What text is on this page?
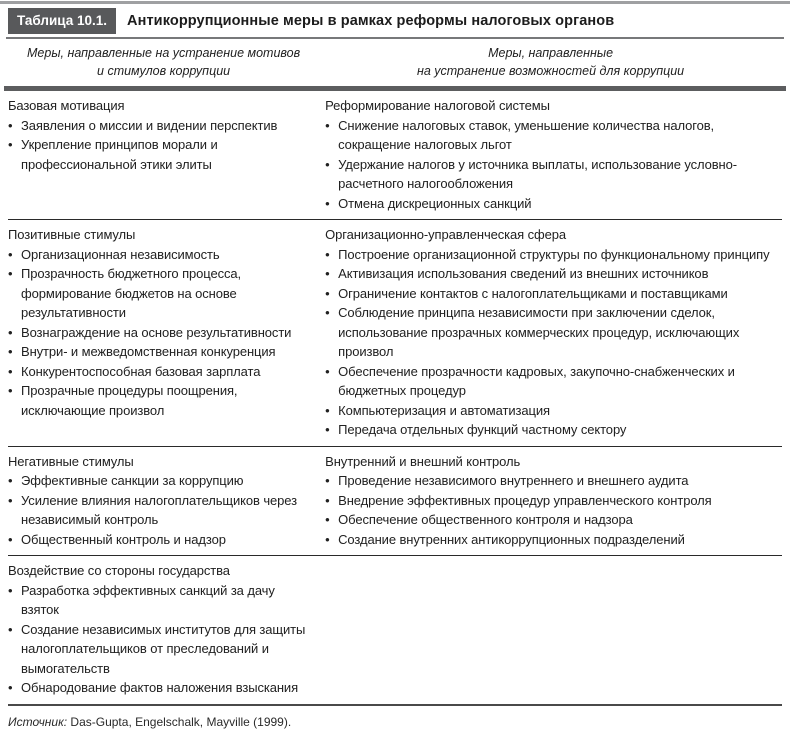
Таблица 10.1.	Антикоррупционные меры в рамках реформы налоговых органов
Меры, направленные на устранение мотивов
и стимулов коррупции
Меры, направленные
на устранение возможностей для коррупции
Базовая мотивация
• Заявления о миссии и видении перспектив
• Укрепление принципов морали и профессиональной этики элиты
Реформирование налоговой системы
• Снижение налоговых ставок, уменьшение количества налогов, сокращение налоговых льгот
• Удержание налогов у источника выплаты, использование условно-расчетного налогообложения
• Отмена дискреционных санкций
Позитивные стимулы
• Организационная независимость
• Прозрачность бюджетного процесса, формирование бюджетов на основе результативности
• Вознаграждение на основе результативности
• Внутри- и межведомственная конкуренция
• Конкурентоспособная базовая зарплата
• Прозрачные процедуры поощрения, исключающие произвол
Организационно-управленческая сфера
• Построение организационной структуры по функциональному принципу
• Активизация использования сведений из внешних источников
• Ограничение контактов с налогоплательщиками и поставщиками
• Соблюдение принципа независимости при заключении сделок, использование прозрачных коммерческих процедур, исключающих произвол
• Обеспечение прозрачности кадровых, закупочно-снабженческих и бюджетных процедур
• Компьютеризация и автоматизация
• Передача отдельных функций частному сектору
Негативные стимулы
• Эффективные санкции за коррупцию
• Усиление влияния налогоплательщиков через независимый контроль
• Общественный контроль и надзор
Внутренний и внешний контроль
• Проведение независимого внутреннего и внешнего аудита
• Внедрение эффективных процедур управленческого контроля
• Обеспечение общественного контроля и надзора
• Создание внутренних антикоррупционных подразделений
Воздействие со стороны государства
• Разработка эффективных санкций за дачу взяток
• Создание независимых институтов для защиты налогоплательщиков от преследований и вымогательств
• Обнародование фактов наложения взыскания
Источник: Das-Gupta, Engelschalk, Mayville (1999).
